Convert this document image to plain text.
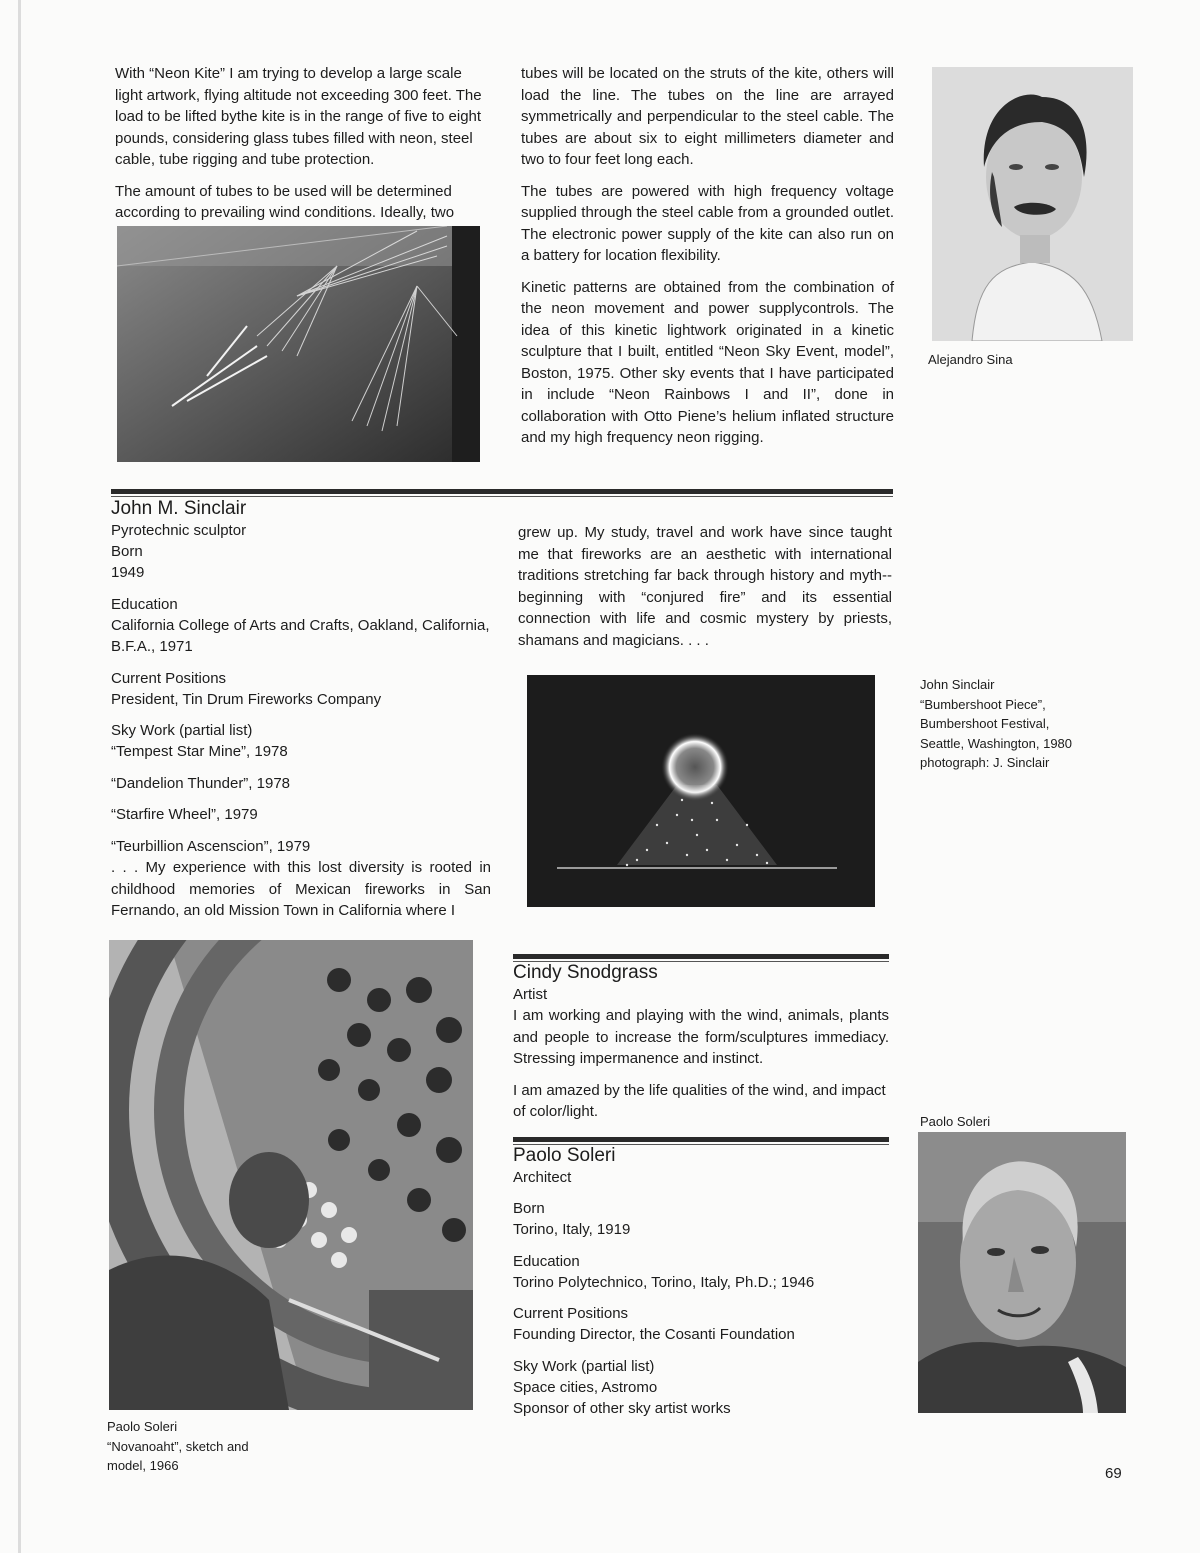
With “Neon Kite” I am trying to develop a large scale light artwork, flying altitude not exceeding 300 feet. The load to be lifted bythe kite is in the range of five to eight pounds, considering glass tubes filled with neon, steel cable, tube rigging and tube protection.

The amount of tubes to be used will be determined according to prevailing wind conditions. Ideally, two

tubes will be located on the struts of the kite, others will load the line. The tubes on the line are arrayed symmetrically and perpendicular to the steel cable. The tubes are about six to eight millimeters diameter and two to four feet long each.

The tubes are powered with high frequency voltage supplied through the steel cable from a grounded outlet. The electronic power supply of the kite can also run on a battery for location flexibility.

Kinetic patterns are obtained from the combination of the neon movement and power supplycontrols. The idea of this kinetic lightwork originated in a kinetic sculpture that I built, entitled “Neon Sky Event, model”, Boston, 1975. Other sky events that I have participated in include “Neon Rainbows I and II”, done in collaboration with Otto Piene’s helium inflated structure and my high frequency neon rigging.

Alejandro Sina

John M. Sinclair

Pyrotechnic sculptor

Born

1949

Education

California College of Arts and Crafts, Oakland, California, B.F.A., 1971

Current Positions

President, Tin Drum Fireworks Company

Sky Work (partial list)

“Tempest Star Mine”, 1978

“Dandelion Thunder”, 1978

“Starfire Wheel”, 1979

“Teurbillion Ascenscion”, 1979

. . . My experience with this lost diversity is rooted in childhood memories of Mexican fireworks in San Fernando, an old Mission Town in California where I

grew up. My study, travel and work have since taught me that fireworks are an aesthetic with international traditions stretching far back through history and myth--beginning with “conjured fire” and its essential connection with life and cosmic mystery by priests, shamans and magicians. . . .

John Sinclair

“Bumbershoot Piece”,

Bumbershoot Festival,

Seattle, Washington, 1980

photograph: J. Sinclair

Paolo Soleri

“Novanoaht”, sketch and

model, 1966

Cindy Snodgrass

Artist

I am working and playing with the wind, animals, plants and people to increase the form/sculptures immediacy. Stressing impermanence and instinct.

I am amazed by the life qualities of the wind, and impact of color/light.

Paolo Soleri

Architect

Born

Torino, Italy, 1919

Education

Torino Polytechnico, Torino, Italy, Ph.D.; 1946

Current Positions

Founding Director, the Cosanti Foundation

Sky Work (partial list)

Space cities, Astromo

Sponsor of other sky artist works

Paolo Soleri

69
